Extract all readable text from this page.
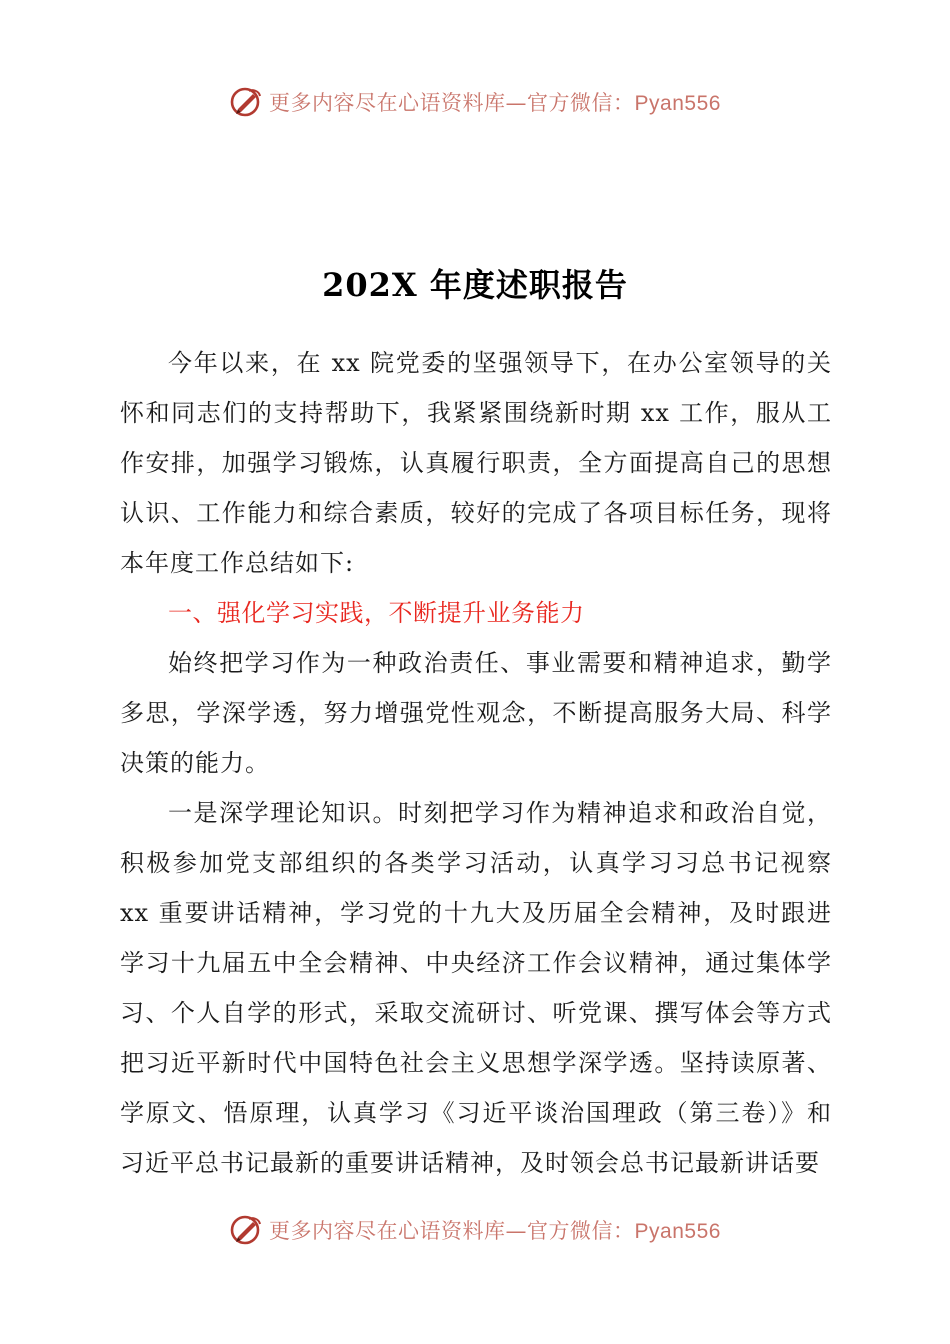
更多内容尽在心语资料库—官方微信：Pyan556
202X 年度述职报告

今年以来，在 xx 院党委的坚强领导下，在办公室领导的关怀和同志们的支持帮助下，我紧紧围绕新时期 xx 工作，服从工作安排，加强学习锻炼，认真履行职责，全方面提高自己的思想认识、工作能力和综合素质，较好的完成了各项目标任务，现将本年度工作总结如下:

一、强化学习实践，不断提升业务能力

始终把学习作为一种政治责任、事业需要和精神追求，勤学多思，学深学透，努力增强党性观念，不断提高服务大局、科学决策的能力。

一是深学理论知识。时刻把学习作为精神追求和政治自觉，积极参加党支部组织的各类学习活动，认真学习习总书记视察 xx 重要讲话精神，学习党的十九大及历届全会精神，及时跟进学习十九届五中全会精神、中央经济工作会议精神，通过集体学习、个人自学的形式，采取交流研讨、听党课、撰写体会等方式把习近平新时代中国特色社会主义思想学深学透。坚持读原著、学原文、悟原理，认真学习《习近平谈治国理政（第三卷）》和习近平总书记最新的重要讲话精神，及时领会总书记最新讲话要

更多内容尽在心语资料库—官方微信：Pyan556
